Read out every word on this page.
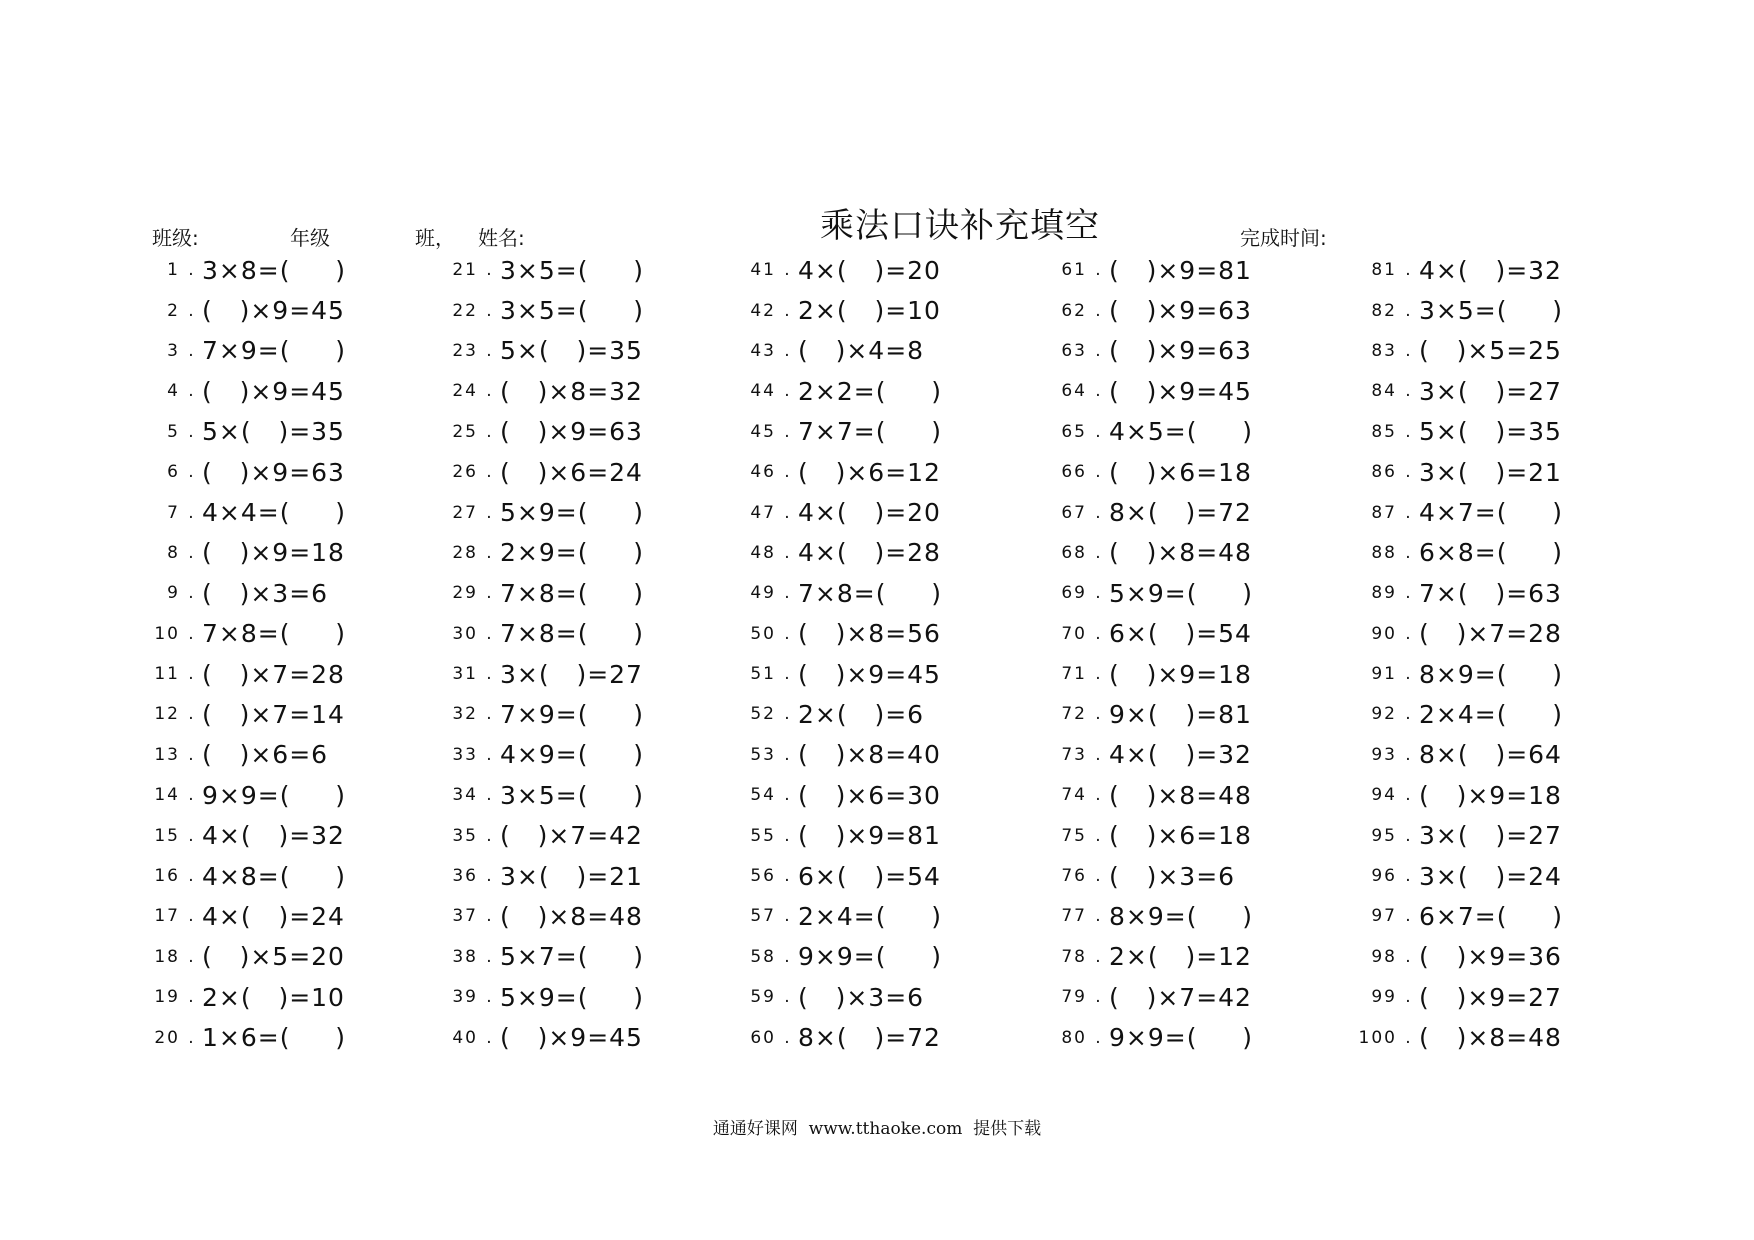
班级:	年级	班， 姓名:	乘法口诀补充填空	完成时间:
1 . 3×8=(     )
2 . (   )×9=45
3 . 7×9=(     )
4 . (   )×9=45
5 . 5×(   )=35
6 . (   )×9=63
7 . 4×4=(     )
8 . (   )×9=18
9 . (   )×3=6
10 . 7×8=(     )
11 . (   )×7=28
12 . (   )×7=14
13 . (   )×6=6
14 . 9×9=(     )
15 . 4×(   )=32
16 . 4×8=(     )
17 . 4×(   )=24
18 . (   )×5=20
19 . 2×(   )=10
20 . 1×6=(     )
21 . 3×5=(     )
22 . 3×5=(     )
23 . 5×(   )=35
24 . (   )×8=32
25 . (   )×9=63
26 . (   )×6=24
27 . 5×9=(     )
28 . 2×9=(     )
29 . 7×8=(     )
30 . 7×8=(     )
31 . 3×(   )=27
32 . 7×9=(     )
33 . 4×9=(     )
34 . 3×5=(     )
35 . (   )×7=42
36 . 3×(   )=21
37 . (   )×8=48
38 . 5×7=(     )
39 . 5×9=(     )
40 . (   )×9=45
41 . 4×(   )=20
42 . 2×(   )=10
43 . (   )×4=8
44 . 2×2=(     )
45 . 7×7=(     )
46 . (   )×6=12
47 . 4×(   )=20
48 . 4×(   )=28
49 . 7×8=(     )
50 . (   )×8=56
51 . (   )×9=45
52 . 2×(   )=6
53 . (   )×8=40
54 . (   )×6=30
55 . (   )×9=81
56 . 6×(   )=54
57 . 2×4=(     )
58 . 9×9=(     )
59 . (   )×3=6
60 . 8×(   )=72
61 . (   )×9=81
62 . (   )×9=63
63 . (   )×9=63
64 . (   )×9=45
65 . 4×5=(     )
66 . (   )×6=18
67 . 8×(   )=72
68 . (   )×8=48
69 . 5×9=(     )
70 . 6×(   )=54
71 . (   )×9=18
72 . 9×(   )=81
73 . 4×(   )=32
74 . (   )×8=48
75 . (   )×6=18
76 . (   )×3=6
77 . 8×9=(     )
78 . 2×(   )=12
79 . (   )×7=42
80 . 9×9=(     )
81 . 4×(   )=32
82 . 3×5=(     )
83 . (   )×5=25
84 . 3×(   )=27
85 . 5×(   )=35
86 . 3×(   )=21
87 . 4×7=(     )
88 . 6×8=(     )
89 . 7×(   )=63
90 . (   )×7=28
91 . 8×9=(     )
92 . 2×4=(     )
93 . 8×(   )=64
94 . (   )×9=18
95 . 3×(   )=27
96 . 3×(   )=24
97 . 6×7=(     )
98 . (   )×9=36
99 . (   )×9=27
100 . (   )×8=48
通通好课网  www.tthaoke.com  提供下载
